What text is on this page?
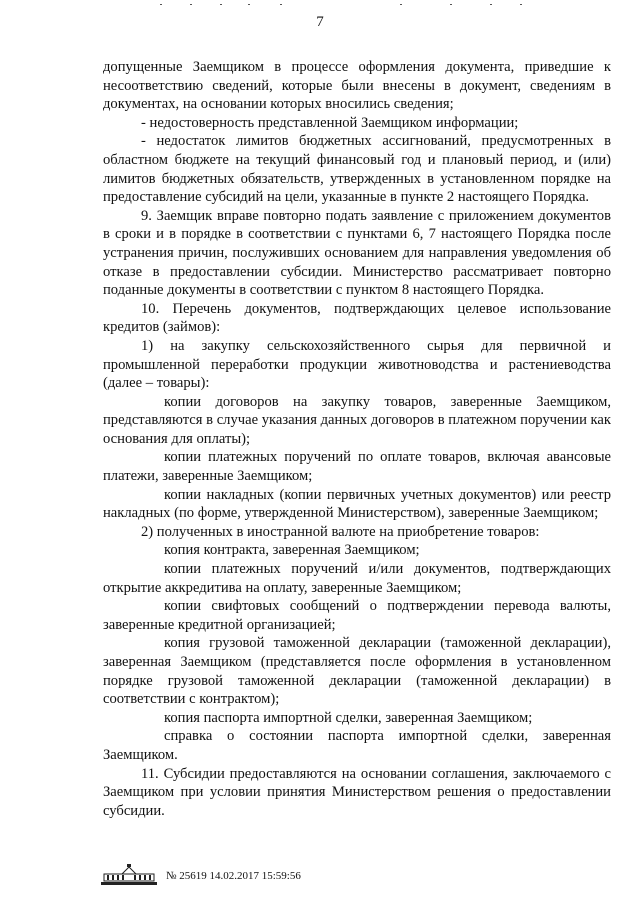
7

допущенные Заемщиком в процессе оформления документа, приведшие к несоответствию сведений, которые были внесены в документ, сведениям в документах, на основании которых вносились сведения;

- недостоверность представленной Заемщиком информации;

- недостаток лимитов бюджетных ассигнований, предусмотренных в областном бюджете на текущий финансовый год и плановый период, и (или) лимитов бюджетных обязательств, утвержденных в установленном порядке на предоставление субсидий на цели, указанные в пункте 2 настоящего Порядка.

9. Заемщик вправе повторно подать заявление с приложением документов в сроки и в порядке в соответствии с пунктами 6, 7 настоящего Порядка после устранения причин, послуживших основанием для направления уведомления об отказе в предоставлении субсидии. Министерство рассматривает повторно поданные документы в соответствии с пунктом 8 настоящего Порядка.

10. Перечень документов, подтверждающих целевое использование кредитов (займов):

1) на закупку сельскохозяйственного сырья для первичной и промышленной переработки продукции животноводства и растениеводства (далее – товары):

копии договоров на закупку товаров, заверенные Заемщиком, представляются в случае указания данных договоров в платежном поручении как основания для оплаты);

копии платежных поручений по оплате товаров, включая авансовые платежи, заверенные Заемщиком;

копии накладных (копии первичных учетных документов) или реестр накладных (по форме, утвержденной Министерством), заверенные Заемщиком;

2) полученных в иностранной валюте на приобретение товаров:

копия контракта, заверенная Заемщиком;

копии платежных поручений и/или документов, подтверждающих открытие аккредитива на оплату, заверенные Заемщиком;

копии свифтовых сообщений о подтверждении перевода валюты, заверенные кредитной организацией;

копия грузовой таможенной декларации (таможенной декларации), заверенная Заемщиком (представляется после оформления в установленном порядке грузовой таможенной декларации (таможенной декларации) в соответствии с контрактом);

копия паспорта импортной сделки, заверенная Заемщиком;

справка о состоянии паспорта импортной сделки, заверенная Заемщиком.

11. Субсидии предоставляются на основании соглашения, заключаемого с Заемщиком при условии принятия Министерством решения о предоставлении субсидии.

№ 25619 14.02.2017 15:59:56
